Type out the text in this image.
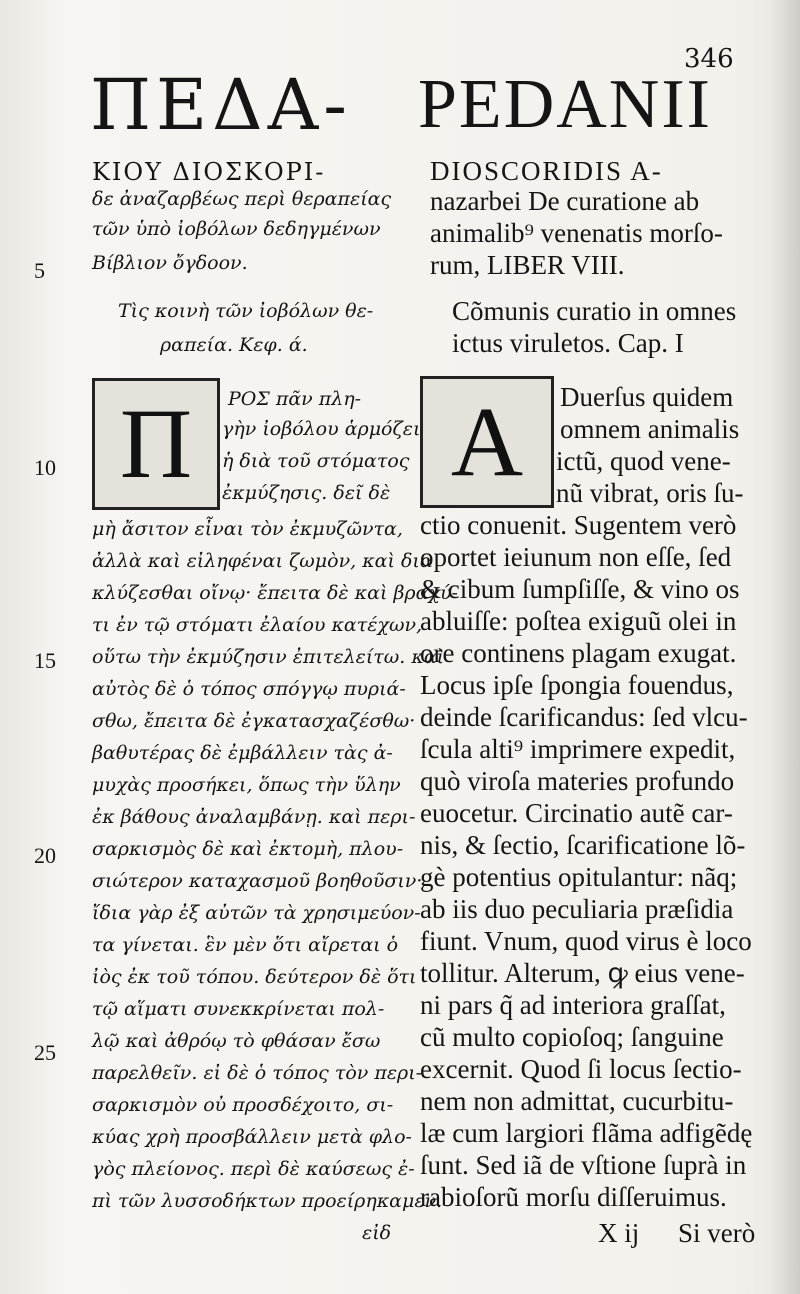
346
ΠΕΔΑ- PEDANII
5
10
15
20
25
ΚΙΟΥ ΔΙΟΣΚΟΡΙ-
δε ἀναζαρβέως περὶ θεραπείας
τῶν ὑπὸ ἰοβόλων δεδηγμένων
Βίβλιον ὄγδοον.
Τὶς κοινὴ τῶν ἰοβόλων θε-
ραπεία. Κεφ. ά.
Π ΡΟΣ πᾶν πλη-
γὴν ἰοβόλου ἁρμόζει
ἡ διὰ τοῦ στόματος
ἐκμύζησις. δεῖ δὲ
μὴ ἄσιτον εἶναι τὸν ἐκμυζῶντα,
ἀλλὰ καὶ εἰληφέναι ζωμὸν, καὶ δια
κλύζεσθαι οἴνῳ· ἔπειτα δὲ καὶ βραχύ-
τι ἐν τῷ στόματι ἐλαίου κατέχων,
οὕτω τὴν ἐκμύζησιν ἐπιτελείτω. καὶ
αὐτὸς δὲ ὁ τόπος σπόγγῳ πυριά-
σθω, ἔπειτα δὲ ἐγκατασχαζέσθω·
βαθυτέρας δὲ ἐμβάλλειν τὰς ἀ-
μυχὰς προσήκει, ὅπως τὴν ὕλην
ἐκ βάθους ἀναλαμβάνῃ. καὶ περι-
σαρκισμὸς δὲ καὶ ἐκτομὴ, πλου-
σιώτερον καταχασμοῦ βοηθοῦσιν·
ἴδια γὰρ ἐξ αὐτῶν τὰ χρησιμεύον-
τα γίνεται. ἓν μὲν ὅτι αἴρεται ὁ
ἰὸς ἐκ τοῦ τόπου. δεύτερον δὲ ὅτι
τῷ αἵματι συνεκκρίνεται πολ-
λῷ καὶ ἀθρόῳ τὸ φθάσαν ἔσω
παρελθεῖν. εἰ δὲ ὁ τόπος τὸν περι-
σαρκισμὸν οὐ προσδέχοιτο, σι-
κύας χρὴ προσβάλλειν μετὰ φλο-
γὸς πλείονος. περὶ δὲ καύσεως ἐ-
πὶ τῶν λυσσοδήκτων προείρηκαμεν.
εἰδ
DIOSCORIDIS A-
nazarbei De curatione ab
animalib⁹ venenatis morſo-
rum, LIBER VIII.
Cõmunis curatio in omnes
ictus viruletos. Cap. I
A Duerſus quidem
omnem animalis
ictũ, quod vene-
nũ vibrat, oris ſu-
ctio conuenit. Sugentem verò
oportet ieiunum non eſſe, ſed
& cibum ſumpſiſſe, & vino os
abluiſſe: poſtea exiguũ olei in
ore continens plagam exugat.
Locus ipſe ſpongia fouendus,
deinde ſcarificandus: ſed vlcu-
ſcula alti⁹ imprimere expedit,
quò viroſa materies profundo
euocetur. Circinatio autẽ car-
nis, & ſectio, ſcarificatione lõ-
gè potentius opitulantur: nãq;
ab iis duo peculiaria præſidia
fiunt. Vnum, quod virus è loco
tollitur. Alterum, ꝙ eius vene-
ni pars q̃ ad interiora graſſat,
cũ multo copioſoq; ſanguine
excernit. Quod ſi locus ſectio-
nem non admittat, cucurbitu-
læ cum largiori flãma adfigẽdę
ſunt. Sed iã de vſtione ſuprà in
rabioſorũ morſu diſſeruimus.
X ij Si verò
